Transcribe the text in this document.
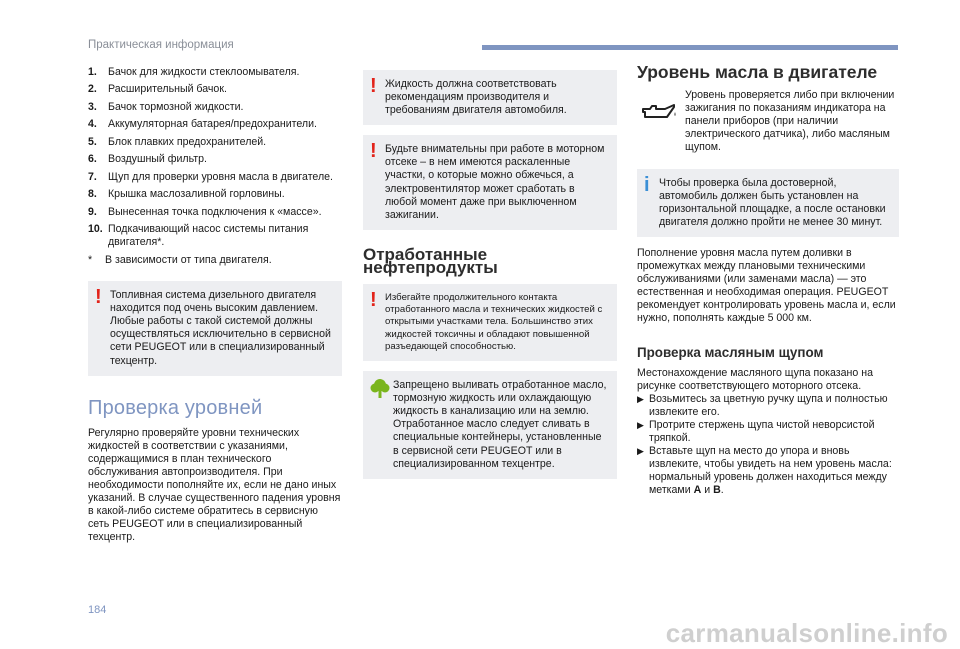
Практическая информация
1.	Бачок для жидкости стеклоомывателя.
2.	Расширительный бачок.
3.	Бачок тормозной жидкости.
4.	Аккумуляторная батарея/предохранители.
5.	Блок плавких предохранителей.
6.	Воздушный фильтр.
7.	Щуп для проверки уровня масла в двигателе.
8.	Крышка маслозаливной горловины.
9.	Вынесенная точка подключения к «массе».
10. Подкачивающий насос системы питания двигателя*.
*	В зависимости от типа двигателя.
! Топливная система дизельного двигателя находится под очень высоким давлением. Любые работы с такой системой должны осуществляться исключительно в сервисной сети PEUGEOT или в специализированный техцентр.

Проверка уровней

Регулярно проверяйте уровни технических жидкостей в соответствии с указаниями, содержащимися в план технического обслуживания автопроизводителя. При необходимости пополняйте их, если не дано иных указаний. В случае существенного падения уровня в какой-либо системе обратитесь в сервисную сеть PEUGEOT или в специализированный техцентр.

! Жидкость должна соответствовать рекомендациям производителя и требованиям двигателя автомобиля.

! Будьте внимательны при работе в моторном отсеке – в нем имеются раскаленные участки, о которые можно обжечься, а электровентилятор может сработать в любой момент даже при выключенном зажигании.

Отработанные нефтепродукты
! Избегайте продолжительного контакта отработанного масла и технических жидкостей с открытыми участками тела. Большинство этих жидкостей токсичны и обладают повышенной разъедающей способностью.

Запрещено выливать отработанное масло, тормозную жидкость или охлаждающую жидкость в канализацию или на землю. Отработанное масло следует сливать в специальные контейнеры, установленные в сервисной сети PEUGEOT или в специализированном техцентре.

Уровень масла в двигателе

Уровень проверяется либо при включении зажигания по показаниям индикатора на панели приборов (при наличии электрического датчика), либо масляным щупом.

i Чтобы проверка была достоверной, автомобиль должен быть установлен на горизонтальной площадке, а после остановки двигателя должно пройти не менее 30 минут.

Пополнение уровня масла путем доливки в промежутках между плановыми техническими обслуживаниями (или заменами масла) — это естественная и необходимая операция. PEUGEOT рекомендует контролировать уровень масла и, если нужно, пополнять каждые 5 000 км.

Проверка масляным щупом

Местонахождение масляного щупа показано на рисунке соответствующего моторного отсека.

▶ Возьмитесь за цветную ручку щупа и полностью извлеките его.
▶ Протрите стержень щупа чистой неворсистой тряпкой.
▶ Вставьте щуп на место до упора и вновь извлеките, чтобы увидеть на нем уровень масла: нормальный уровень должен находиться между метками A и B.
184
carmanualsonline.info
